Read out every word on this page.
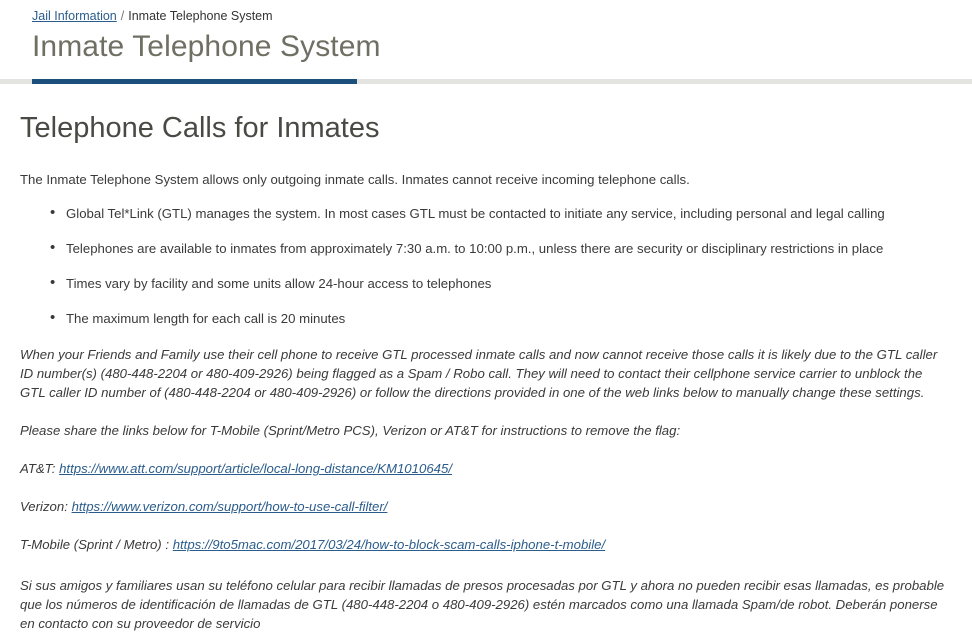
Jail Information / Inmate Telephone System
Inmate Telephone System
Telephone Calls for Inmates

The Inmate Telephone System allows only outgoing inmate calls. Inmates cannot receive incoming telephone calls.

• Global Tel*Link (GTL) manages the system. In most cases GTL must be contacted to initiate any service, including personal and legal calling
• Telephones are available to inmates from approximately 7:30 a.m. to 10:00 p.m., unless there are security or disciplinary restrictions in place
• Times vary by facility and some units allow 24-hour access to telephones
• The maximum length for each call is 20 minutes

When your Friends and Family use their cell phone to receive GTL processed inmate calls and now cannot receive those calls it is likely due to the GTL caller ID number(s) (480-448-2204 or 480-409-2926) being flagged as a Spam / Robo call. They will need to contact their cellphone service carrier to unblock the GTL caller ID number of (480-448-2204 or 480-409-2926) or follow the directions provided in one of the web links below to manually change these settings.

Please share the links below for T-Mobile (Sprint/Metro PCS), Verizon or AT&T for instructions to remove the flag:

AT&T: https://www.att.com/support/article/local-long-distance/KM1010645/

Verizon: https://www.verizon.com/support/how-to-use-call-filter/

T-Mobile (Sprint / Metro) : https://9to5mac.com/2017/03/24/how-to-block-scam-calls-iphone-t-mobile/

Si sus amigos y familiares usan su teléfono celular para recibir llamadas de presos procesadas por GTL y ahora no pueden recibir esas llamadas, es probable que los números de identificación de llamadas de GTL (480-448-2204 o 480-409-2926) estén marcados como una llamada Spam/de robot. Deberán ponerse en contacto con su proveedor de servicio
